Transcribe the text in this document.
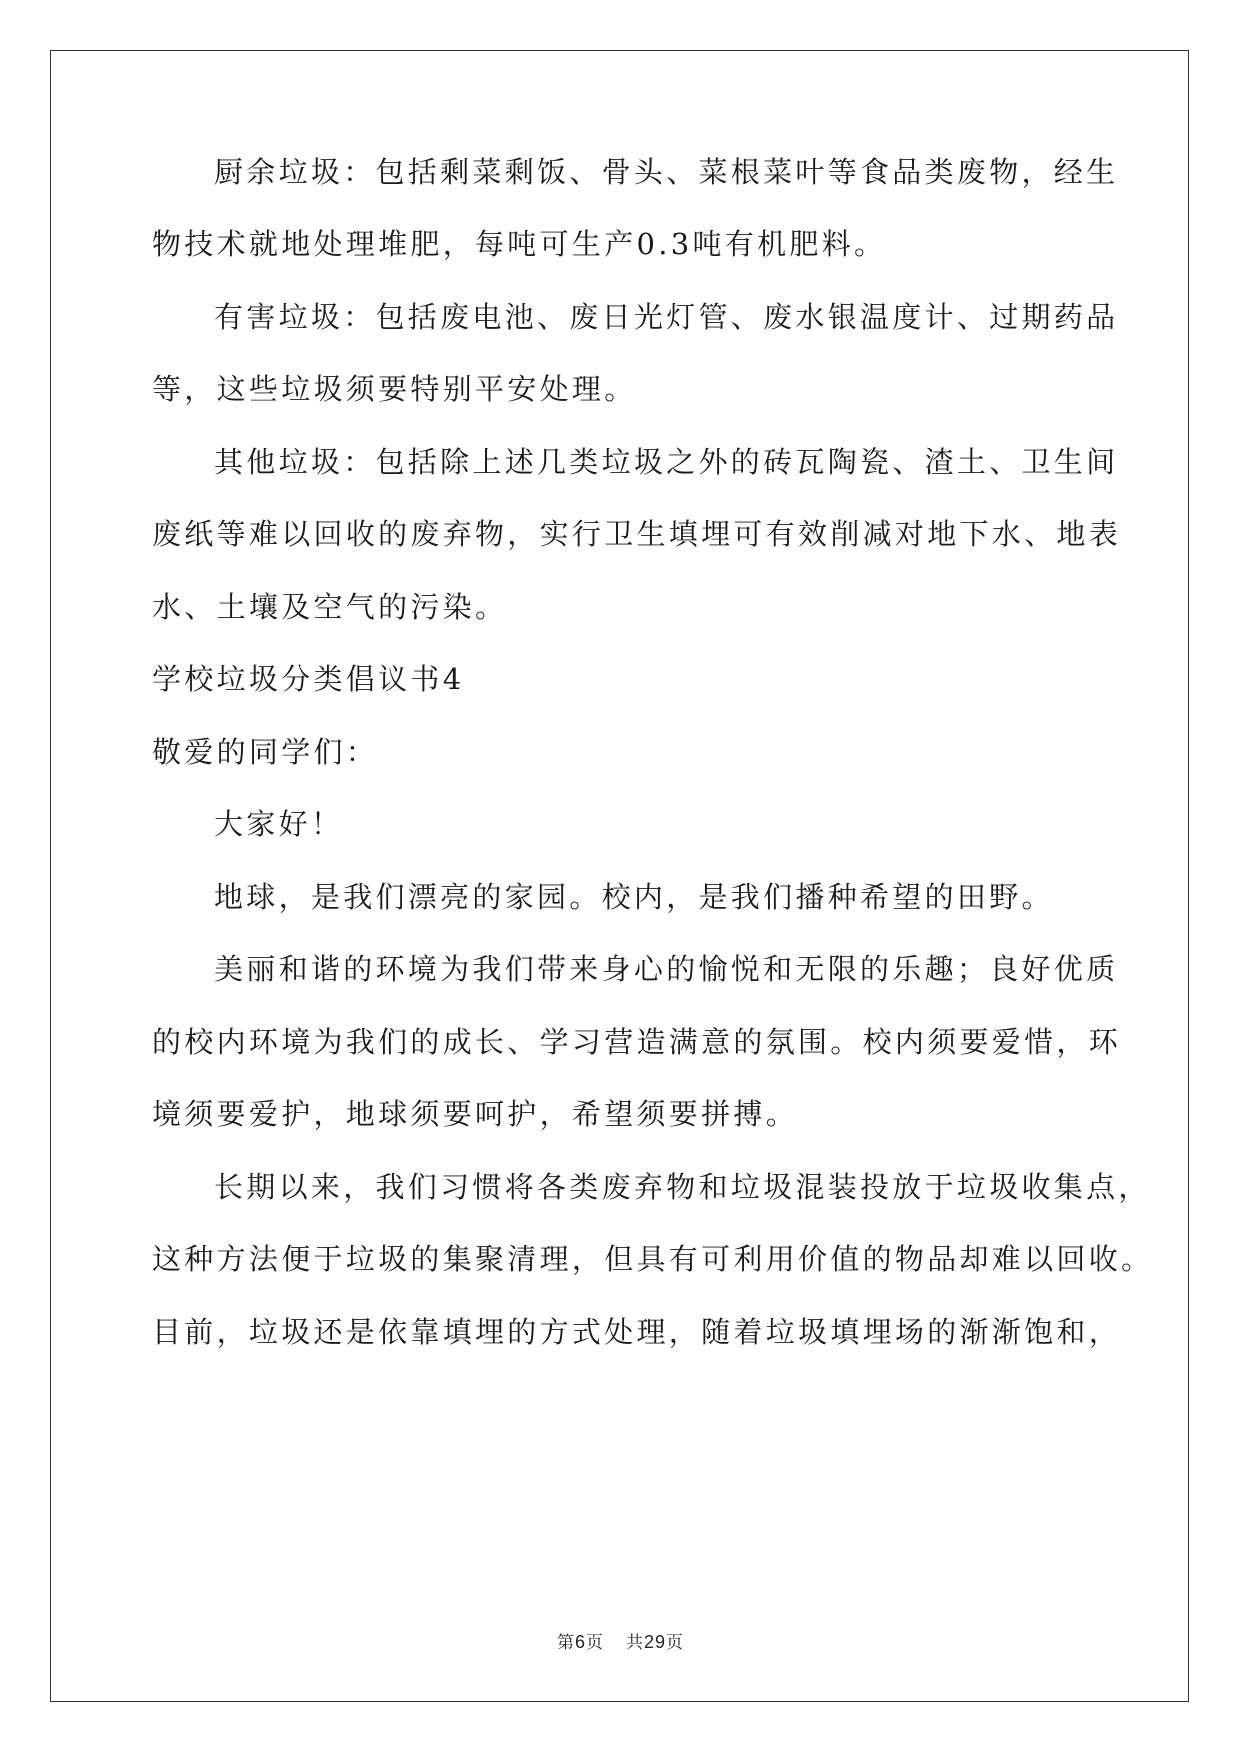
厨余垃圾：包括剩菜剩饭、骨头、菜根菜叶等食品类废物，经生
物技术就地处理堆肥，每吨可生产0.3吨有机肥料。
有害垃圾：包括废电池、废日光灯管、废水银温度计、过期药品
等，这些垃圾须要特别平安处理。
其他垃圾：包括除上述几类垃圾之外的砖瓦陶瓷、渣土、卫生间
废纸等难以回收的废弃物，实行卫生填埋可有效削减对地下水、地表
水、土壤及空气的污染。
学校垃圾分类倡议书4
敬爱的同学们：
大家好！
地球，是我们漂亮的家园。校内，是我们播种希望的田野。
美丽和谐的环境为我们带来身心的愉悦和无限的乐趣；良好优质
的校内环境为我们的成长、学习营造满意的氛围。校内须要爱惜，环
境须要爱护，地球须要呵护，希望须要拼搏。
长期以来，我们习惯将各类废弃物和垃圾混装投放于垃圾收集点，
这种方法便于垃圾的集聚清理，但具有可利用价值的物品却难以回收。
目前，垃圾还是依靠填埋的方式处理，随着垃圾填埋场的渐渐饱和，
第6页 共29页
